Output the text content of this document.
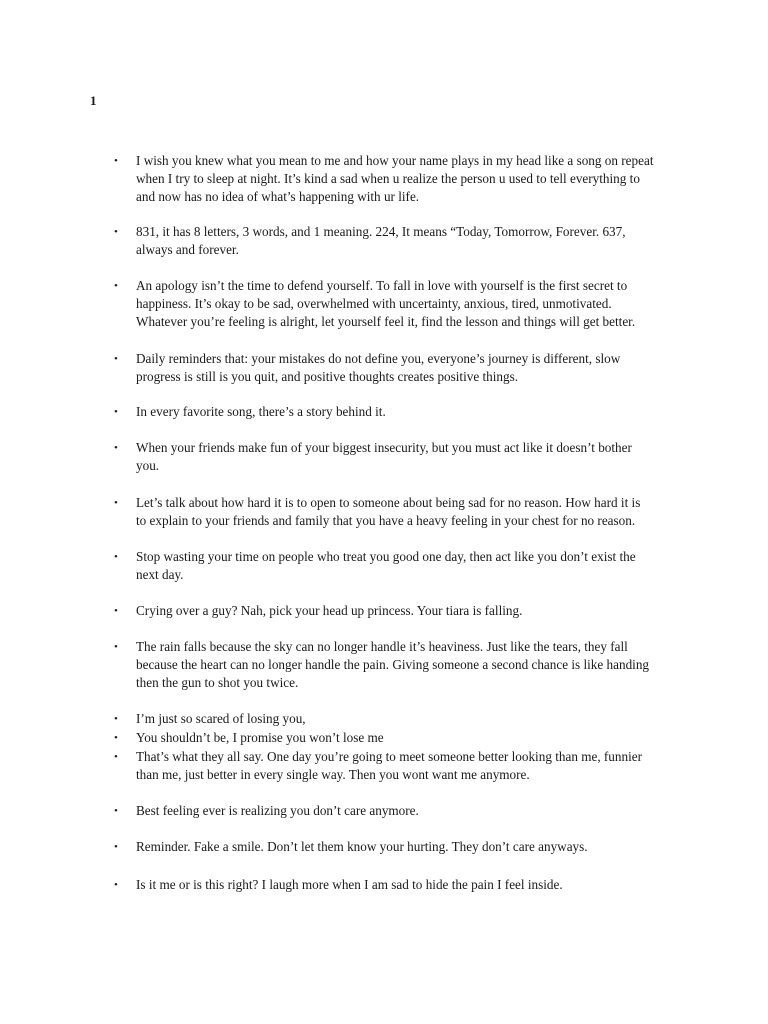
1
• I wish you knew what you mean to me and how your name plays in my head like a song on repeat
when I try to sleep at night. It’s kind a sad when u realize the person u used to tell everything to
and now has no idea of what’s happening with ur life.
• 831, it has 8 letters, 3 words, and 1 meaning. 224, It means “Today, Tomorrow, Forever. 637,
always and forever.
• An apology isn’t the time to defend yourself. To fall in love with yourself is the first secret to
happiness. It’s okay to be sad, overwhelmed with uncertainty, anxious, tired, unmotivated.
Whatever you’re feeling is alright, let yourself feel it, find the lesson and things will get better.
• Daily reminders that: your mistakes do not define you, everyone’s journey is different, slow
progress is still is you quit, and positive thoughts creates positive things.
• In every favorite song, there’s a story behind it.
• When your friends make fun of your biggest insecurity, but you must act like it doesn’t bother
you.
• Let’s talk about how hard it is to open to someone about being sad for no reason. How hard it is
to explain to your friends and family that you have a heavy feeling in your chest for no reason.
• Stop wasting your time on people who treat you good one day, then act like you don’t exist the
next day.
• Crying over a guy? Nah, pick your head up princess. Your tiara is falling.
• The rain falls because the sky can no longer handle it’s heaviness. Just like the tears, they fall
because the heart can no longer handle the pain. Giving someone a second chance is like handing
then the gun to shot you twice.
• I’m just so scared of losing you,
• You shouldn’t be, I promise you won’t lose me
• That’s what they all say. One day you’re going to meet someone better looking than me, funnier
than me, just better in every single way. Then you wont want me anymore.
• Best feeling ever is realizing you don’t care anymore.
• Reminder. Fake a smile. Don’t let them know your hurting. They don’t care anyways.
• Is it me or is this right? I laugh more when I am sad to hide the pain I feel inside.
